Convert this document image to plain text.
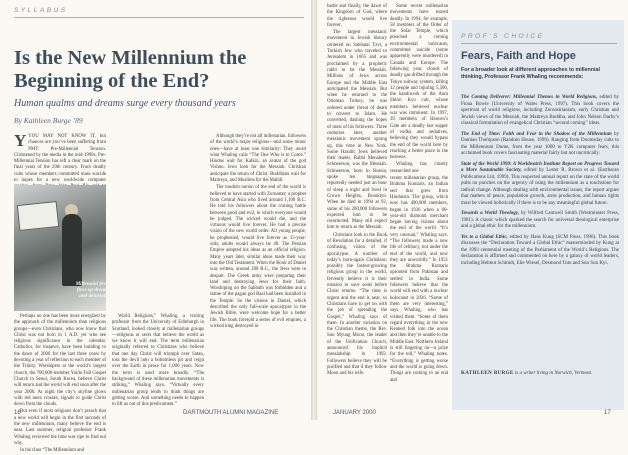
SYLLABUS
Is the New Millennium the Beginning of the End?
Human qualms and dreams surge every thousand years
By Kathleen Burge ’89

YYOU MAY NOT KNOW IT, but chances are you’ve been suffering from PMT: Pre-Millennial Tension. Christened by the media in the mid-1990s, Pre-Millennial Tension has left a clear mark on the final years of the 20th century. From deadly cults whose members committed mass suicide to hopes for a new worldwide computer

Millennial fever fires up dreams and delusions.

Perhaps no one has been more energized by the approach of the millennium than religious groups—even Christians, who now know that Christ was not born in 1 A.D. yet who see religious significance in the calendar. Catholics, for instance, have been building to the dawn of 2000 for the last three years by devoting a year of reflection to each member of the Trinity. Worshipers at the world’s largest church, the 700,000-member Yoido Full Gospel Church in Seoul, South Korea, believe Christ will return and the world will end soon after the year 2000. At night the city’s skyline glows with red neon crosses, signals to guide Christ down from the clouds.

But even if most religions don’t preach that a new world will begin in the first seconds of the new millennium, many believe the end is near. Last summer, religion professor Frank Whaling reviewed the time was ripe to find out why.

In his class “The Millennium and

World Religions,” Whaling, a visiting professor from the University of Edinburgh in Scotland, looked closely at millenarian groups—religious or sects that believe the world as we know it will end. The term millenarian originally referred to Christians who believe that one day Christ will triumph over Satan, toss the devil into a bottomless pit and reign over the Earth in peace for 1,000 years. Now the term is used more broadly. “The background of these millenarian movements is striking,” Whaling says. “Virtually every millenarian group tends to think things are getting worse. And something needs to happen to lift us out of this predicament.”

Although they’re not all millenarian, followers of the world’s major religions—and some minor ones—have at least one similarity: They await what Whaling calls “The One Who is to Come.” Hindus wait for Kalkin, an avatar of the god Vishnu. Jews look for the Messiah. Christian anticipate the return of Christ. Buddhists wait for Maitreya, and Muslims for the Mahdi.

The modern notion of the end of the world is believed to have started with Zoroaster, a prophet from Central Asia who lived around 1,100 B.C. He told his followers about the coming battle between good and evil, in which everyone would be judged. The wicked would die, and the virtuous would live forever. He had a precise vision of the new world order. All young people, he prophesied, would live forever as 15-year-olds, adults would always be 40. The Persian Empire adopted his ideas as an official religion. Many years later, similar ideas made their way into the Old Testament. When the Book of Daniel was written, around 200 B.C., the Jews were in despair. The Greek army were preparing their land and destroying Jews for their faith. Worshiping on the Sabbath was forbidden and a statue of the pagan god Baal had been installed in the Temple. So the visions in Daniel, which described the only full-scale apocalypse in the Jewish Bible, were welcome hope for a better life. The book foretold a series of evil empires, a wicked king destroyed in

16	DARTMOUTH ALUMNI MAGAZINE

battle and finally, the dawn of the Kingdom of God, where the righteous would live forever.

The largest messianic movement in Jewish history centered on Sabbatai Tzvi, a Turkish Jew who traveled to Jerusalem in 1665 and was proclaimed by a prophetic rabbi to be the Messiah. Millions of Jews across Europe and the Middle East anticipated the Messiah. But when he returned to the Ottoman Turkey, he was ordered under threat of death to convert to Islam. He converted, dashing the hopes of most of his followers. Three centuries later, another messianic movement sprang up, this time in New York. Some Hasidic Jews believed their leader, Rabbi Menahem Schneerson, was the Messiah. Schneerson, born in Russia, spoke ten languages, reportedly needed just an hour of sleep a night and lived in Crown Heights, Brooklyn. When he died in 1994 at 92, some of his 200,000 followers expected him to be resurrected. Many still expect him to return as the Messiah.

Christians look to the Book of Revelation for a detailed, if confusing, vision of the apocalypse. A number of today’s born-again Christians, possibly the fastest-growing religious group in the world, fervently believe it is their mission to save souls before Christ returns. “The time is urgent and the end is near, so Christians have to get on with the job of spreading the Gospel,” Whaling says of them. In another variation on the Christian theme, the Rev. Sun Myung Moon, the leader of the Unification Church, announced his implicit messiahship in 1992. Followers believe they will be purified and that if they follow Moon and his wife.

Some recent millenarian movements have turned deadly. In 1994, for example, 58 members of the Order of the Solar Temple, which preached a coming environmental holocaust, committed suicide (some apparently were murdered) in Canada and Europe. The following year, clouds of deadly gas drifted through the Tokyo subway system, killing 12 people and injuring 5,500, the handiwork of the Aum Shinri Kyo cult, whose members believed nuclear war was imminent. In 1997, 39 members of Heaven’s Gate ate a deadly last supper of vodka and sedatives, believing they would bypass the end of the world here by reaching a better place in the heavens.

Whaling has closely researched one

recent millenarian group, the Brahma Kumaris, an Indian sect that grew from Hinduism. The group, which now has 400,000 members, began in 1936 when a 60-year-old diamond merchant began having visions about the end of the world. “It’s very unusual,” Whaling says. “The followers made a new life of celibacy, not under the end of the world, and now they are unworldly.” In 1951 the Brahma Kumaris uprooted from Pakistan and settled in India. Some followers believe that the world will end with a nuclear holocaust in 2036. “Some of them are very interesting,” says Whaling, who has visited them. “Some of them regard everything in the new Kenned folk into the ocean and then they’re unable to the Middle East. Northern Ireland is still lingering on—a prize for the toll,” Whaling notes. “Everything is getting worse and the world is going down. Things are coming to an end and

PROF’S CHOICE
Fears, Faith and Hope
For a broader look at different approaches to millennial thinking, Professor Frank Whaling recommends:

The Coming Deliverer: Millennial Themes in World Religions, edited by Fiona Bowie (University of Wales Press, 1997). This book covers the spectrum of world religions, including Zoroastrianism, early Christian and Jewish views of the Messiah, the Maitreya Buddha, and John Nelson Darby’s classical formulation of evangelical Christian “second coming” ideas.

The End of Time: Faith and Fear in the Shadow of the Millennium by Damian Thompson (Random House, 1999). Ranging from Doomsday cults to the Millennium Dome, from the year 1000 to Y2K computer fears, this acclaimed book covers fascinating material fairly but not uncritically.

State of the World 1999: A Worldwatch Institute Report on Progress Toward a More Sustainable Society, edited by Lester R. Brown et al. (Earthscan Publications Ltd, 1999). This respected annual report on the state of the world pulls no punches on the urgency of using the millennium as a touchstone for radical change. Although dealing with environmental issues, the report argues that matters of peace, population growth, arms production, and human rights must be viewed holistically if there is to be any meaningful global future.

Towards a World Theology, by Wilfred Cantwell Smith (Westminster Press, 1981). A classic which sparked the search for universal theological enterprise and a global ethic for the millennium.

Yes to a Global Ethic, edited by Hans Kung (SCM Press, 1996). This book discusses the “Declaration Toward a Global Ethic” masterminded by Kung at the 1993 centennial meeting of the Parliament of the World’s Religions. The declaration is affirmed and commented on here by a galaxy of world leaders, including Helmut Schmidt, Elie Wiesel, Desmond Tutu and Sun Sun Kyi.

KATHLEEN BURGE is a writer living in Norwich, Vermont.
JANUARY 2000	17
